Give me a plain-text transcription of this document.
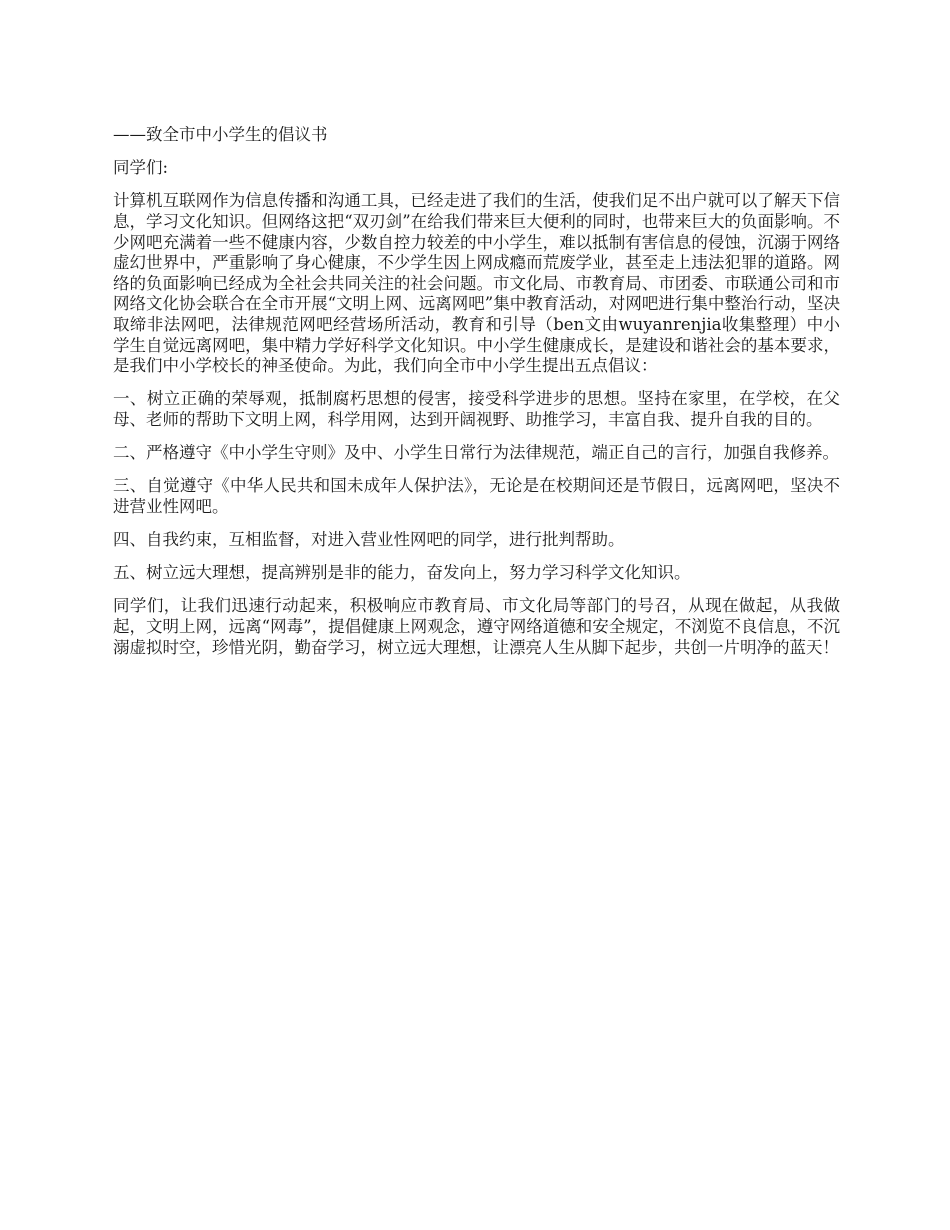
——致全市中小学生的倡议书

同学们:

计算机互联网作为信息传播和沟通工具，已经走进了我们的生活，使我们足不出户就可以了解天下信息，学习文化知识。但网络这把“双刃剑”在给我们带来巨大便利的同时，也带来巨大的负面影响。不少网吧充满着一些不健康内容，少数自控力较差的中小学生，难以抵制有害信息的侵蚀，沉溺于网络虚幻世界中，严重影响了身心健康，不少学生因上网成瘾而荒废学业，甚至走上违法犯罪的道路。网络的负面影响已经成为全社会共同关注的社会问题。市文化局、市教育局、市团委、市联通公司和市网络文化协会联合在全市开展“文明上网、远离网吧”集中教育活动，对网吧进行集中整治行动，坚决取缔非法网吧，法律规范网吧经营场所活动，教育和引导（ben文由wuyanrenjia收集整理）中小学生自觉远离网吧，集中精力学好科学文化知识。中小学生健康成长，是建设和谐社会的基本要求，是我们中小学校长的神圣使命。为此，我们向全市中小学生提出五点倡议：

一、树立正确的荣辱观，抵制腐朽思想的侵害，接受科学进步的思想。坚持在家里，在学校，在父母、老师的帮助下文明上网，科学用网，达到开阔视野、助推学习，丰富自我、提升自我的目的。

二、严格遵守《中小学生守则》及中、小学生日常行为法律规范，端正自己的言行，加强自我修养。

三、自觉遵守《中华人民共和国未成年人保护法》，无论是在校期间还是节假日，远离网吧，坚决不进营业性网吧。

四、自我约束，互相监督，对进入营业性网吧的同学，进行批判帮助。

五、树立远大理想，提高辨别是非的能力，奋发向上，努力学习科学文化知识。

同学们，让我们迅速行动起来，积极响应市教育局、市文化局等部门的号召，从现在做起，从我做起，文明上网，远离“网毒”，提倡健康上网观念，遵守网络道德和安全规定，不浏览不良信息，不沉溺虚拟时空，珍惜光阴，勤奋学习，树立远大理想，让漂亮人生从脚下起步，共创一片明净的蓝天！
